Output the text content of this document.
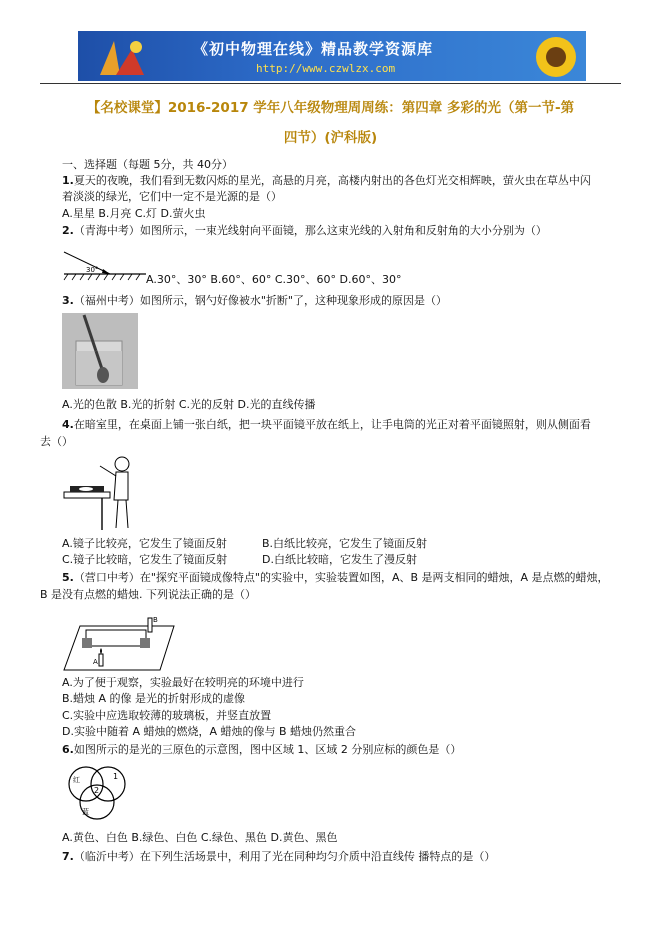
《初中物理在线》精品教学资源库
http://www.czwlzx.com
【名校课堂】2016-2017 学年八年级物理周周练：第四章 多彩的光（第一节-第
四节）(沪科版)
一、选择题（每题 5分，共 40分）
1.夏天的夜晚，我们看到无数闪烁的星光，高悬的月亮，高楼内射出的各色灯光交相辉映，萤火虫在草丛中闪
着淡淡的绿光，它们中一定不是光源的是（）
A.星星 B.月亮 C.灯 D.萤火虫
2.（青海中考）如图所示，一束光线射向平面镜，那么这束光线的入射角和反射角的大小分别为（）
30°
A.30°、30° B.60°、60° C.30°、60° D.60°、30°
3.（福州中考）如图所示，钢勺好像被水"折断"了，这种现象形成的原因是（）
A.光的色散 B.光的折射 C.光的反射 D.光的直线传播
4.在暗室里，在桌面上铺一张白纸，把一块平面镜平放在纸上，让手电筒的光正对着平面镜照射，则从侧面看
去（）
A.镜子比较亮，它发生了镜面反射	B.白纸比较亮，它发生了镜面反射
C.镜子比较暗，它发生了镜面反射	D.白纸比较暗，它发生了漫反射
5.（营口中考）在"探究平面镜成像特点"的实验中，实验装置如图，A、B 是两支相同的蜡烛，A 是点燃的蜡烛，
B 是没有点燃的蜡烛. 下列说法正确的是（）
B
A
A.为了便于观察，实验最好在较明亮的环境中进行
B.蜡烛 A 的像 是光的折射形成的虚像
C.实验中应选取较薄的玻璃板，并竖直放置
D.实验中随着 A 蜡烛的燃烧，A 蜡烛的像与 B 蜡烛仍然重合
6.如图所示的是光的三原色的示意图，图中区域 1、区域 2 分别应标的颜色是（）
红	1
2
蓝
A.黄色、白色 B.绿色、白色 C.绿色、黑色 D.黄色、黑色
7.（临沂中考）在下列生活场景中，利用了光在同种均匀介质中沿直线传 播特点的是（）
